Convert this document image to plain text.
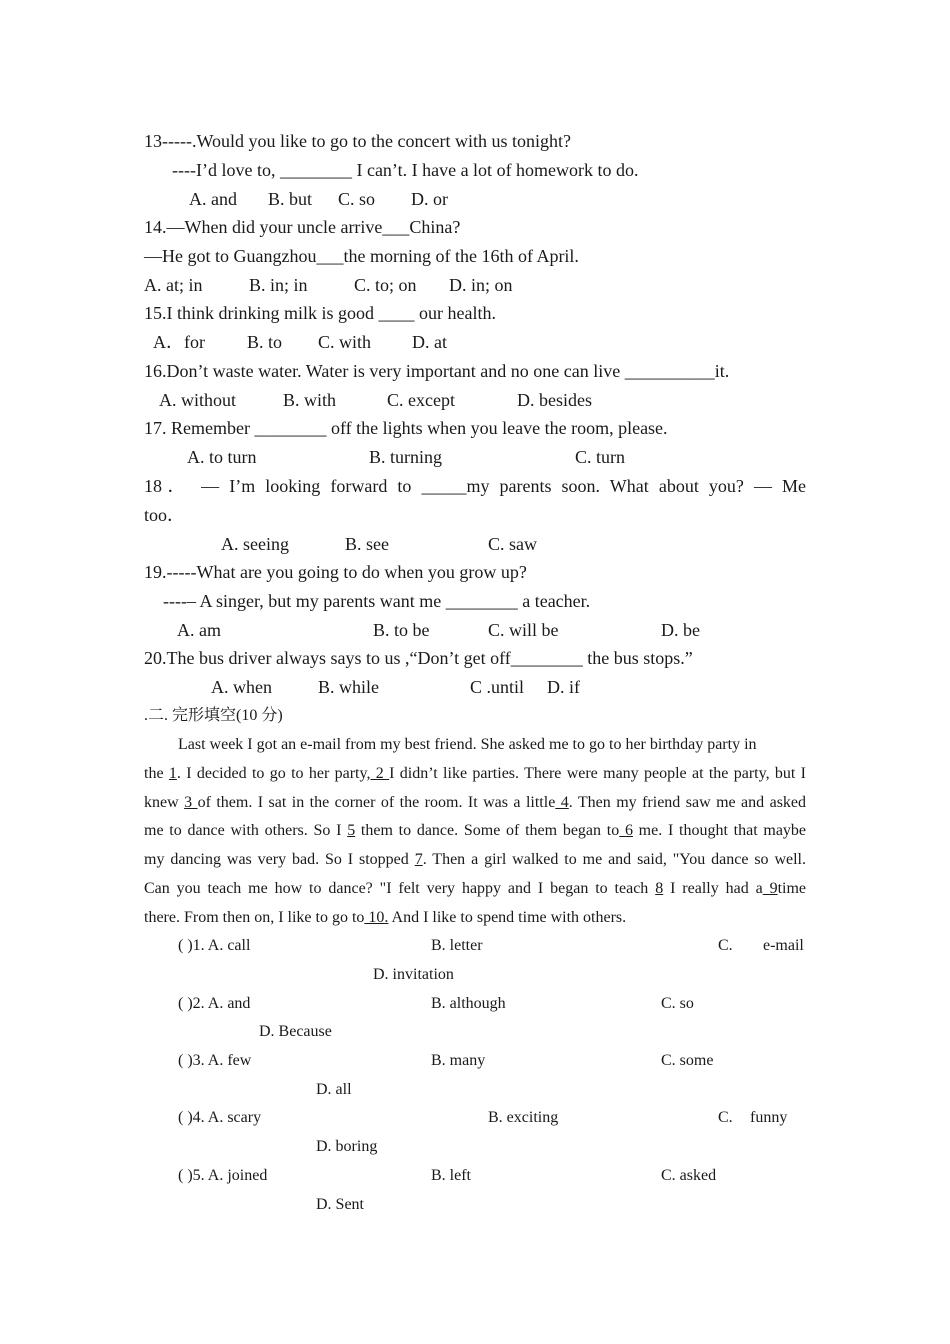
13-----.Would you like to go to the concert with us tonight?
----I’d love to, ________ I can’t. I have a lot of homework to do.
A. and B. but C. so D. or
14.—When did your uncle arrive___China?
—He got to Guangzhou___the morning of the 16th of April.
A. at; in	B. in; in	C. to; on D. in; on
15.I think drinking milk is good ____ our health.
A．for B. to C. with D. at
16.Don’t waste water. Water is very important and no one can live __________it.
A. without	B. with	C. except	D. besides
17. Remember ________ off the lights when you leave the room, please.
A. to turn	B. turning	C. turn
18． — I’m looking forward to _____my parents soon. What about you? — Me
too．
A. seeing	B. see	C. saw
19.-----What are you going to do when you grow up?
----– A singer, but my parents want me ________ a teacher.
A. am	B. to be	C. will be	D. be
20.The bus driver always says to us ,“Don’t get off________ the bus stops.”
A. when	B. while	C .until D. if
.二. 完形填空(10 分)
Last week I got an e-mail from my best friend. She asked me to go to her birthday party in
the 1. I decided to go to her party, 2 I didn’t like parties. There were many people at the party, but I
knew 3 of them. I sat in the corner of the room. It was a little 4. Then my friend saw me and asked
me to dance with others. So I 5 them to dance. Some of them began to 6 me. I thought that maybe
my dancing was very bad. So I stopped 7. Then a girl walked to me and said, "You dance so well.
Can you teach me how to dance? "I felt very happy and I began to teach 8 I really had a 9time
there. From then on, I like to go to 10. And I like to spend time with others.
( )1. A. call	B. letter	C. e-mail
D. invitation
( )2. A. and	B. although	C. so
D. Because
( )3. A. few	B. many	C. some
D. all
( )4. A. scary	B. exciting	C. funny
D. boring
( )5. A. joined	B. left	C. asked
D. Sent
